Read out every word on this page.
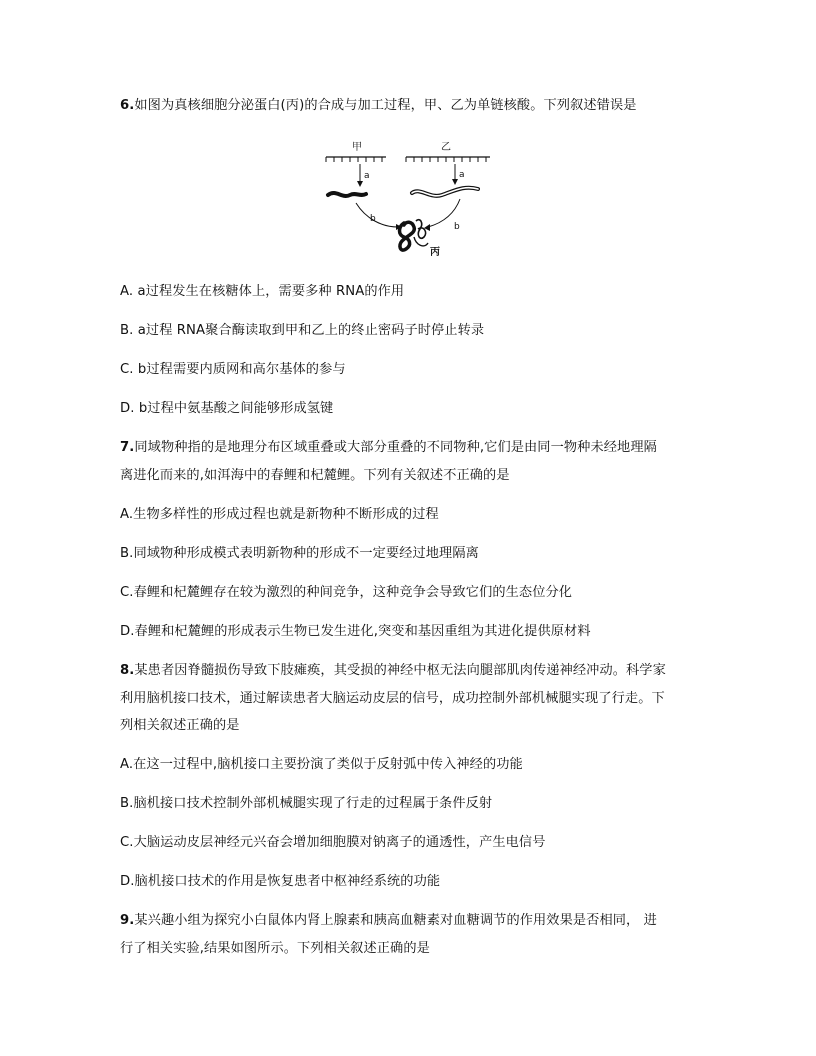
6.如图为真核细胞分泌蛋白(丙)的合成与加工过程，甲、乙为单链核酸。下列叙述错误是
甲
a
乙
a
b
b
丙
A. a过程发生在核糖体上，需要多种 RNA的作用
B. a过程 RNA聚合酶读取到甲和乙上的终止密码子时停止转录
C. b过程需要内质网和高尔基体的参与
D. b过程中氨基酸之间能够形成氢键
7.同域物种指的是地理分布区域重叠或大部分重叠的不同物种,它们是由同一物种未经地理隔
离进化而来的,如洱海中的春鲤和杞麓鲤。下列有关叙述不正确的是
A.生物多样性的形成过程也就是新物种不断形成的过程
B.同域物种形成模式表明新物种的形成不一定要经过地理隔离
C.春鲤和杞麓鲤存在较为激烈的种间竞争，这种竞争会导致它们的生态位分化
D.春鲤和杞麓鲤的形成表示生物已发生进化,突变和基因重组为其进化提供原材料
8.某患者因脊髓损伤导致下肢瘫痪，其受损的神经中枢无法向腿部肌肉传递神经冲动。科学家
利用脑机接口技术，通过解读患者大脑运动皮层的信号，成功控制外部机械腿实现了行走。下
列相关叙述正确的是
A.在这一过程中,脑机接口主要扮演了类似于反射弧中传入神经的功能
B.脑机接口技术控制外部机械腿实现了行走的过程属于条件反射
C.大脑运动皮层神经元兴奋会增加细胞膜对钠离子的通透性，产生电信号
D.脑机接口技术的作用是恢复患者中枢神经系统的功能
9.某兴趣小组为探究小白鼠体内肾上腺素和胰高血糖素对血糖调节的作用效果是否相同， 进
行了相关实验,结果如图所示。下列相关叙述正确的是
